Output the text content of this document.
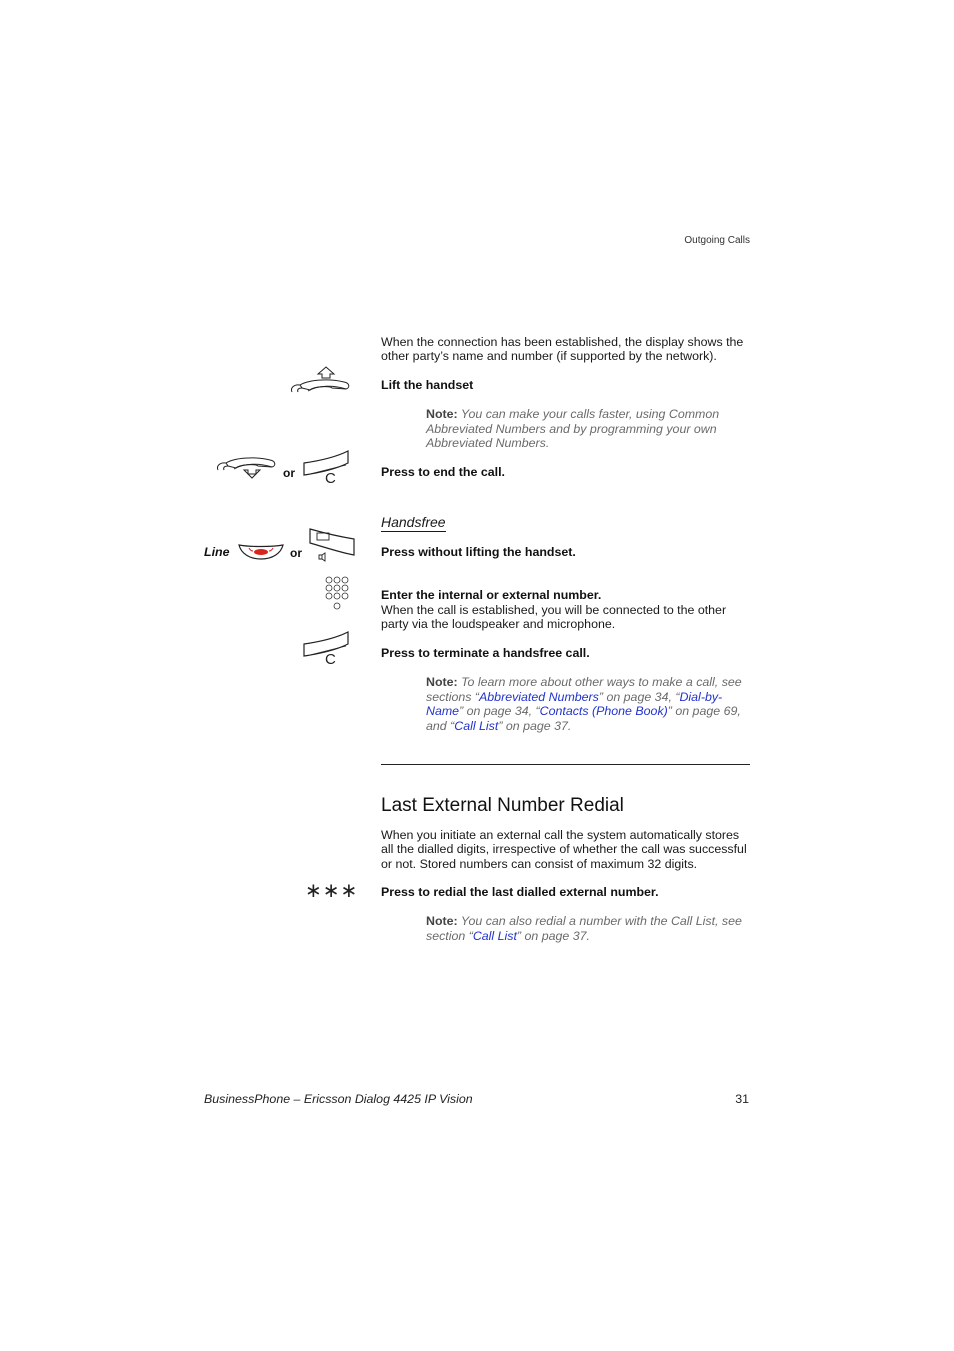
Outgoing Calls
When the connection has been established, the display shows the other party’s name and number (if supported by the network).
Lift the handset
Note: You can make your calls faster, using Common Abbreviated Numbers and by programming your own Abbreviated Numbers.
or C	Press to end the call.
Handsfree
Line	or	Press without lifting the handset.
Enter the internal or external number.
When the call is established, you will be connected to the other party via the loudspeaker and microphone.
C	Press to terminate a handsfree call.
Note: To learn more about other ways to make a call, see sections “Abbreviated Numbers” on page 34, “Dial-by-Name” on page 34, “Contacts (Phone Book)” on page 69, and “Call List” on page 37.
Last External Number Redial
When you initiate an external call the system automatically stores all the dialled digits, irrespective of whether the call was successful or not. Stored numbers can consist of maximum 32 digits.
∗∗∗ Press to redial the last dialled external number.
Note: You can also redial a number with the Call List, see section “Call List” on page 37.
BusinessPhone – Ericsson Dialog 4425 IP Vision	31
